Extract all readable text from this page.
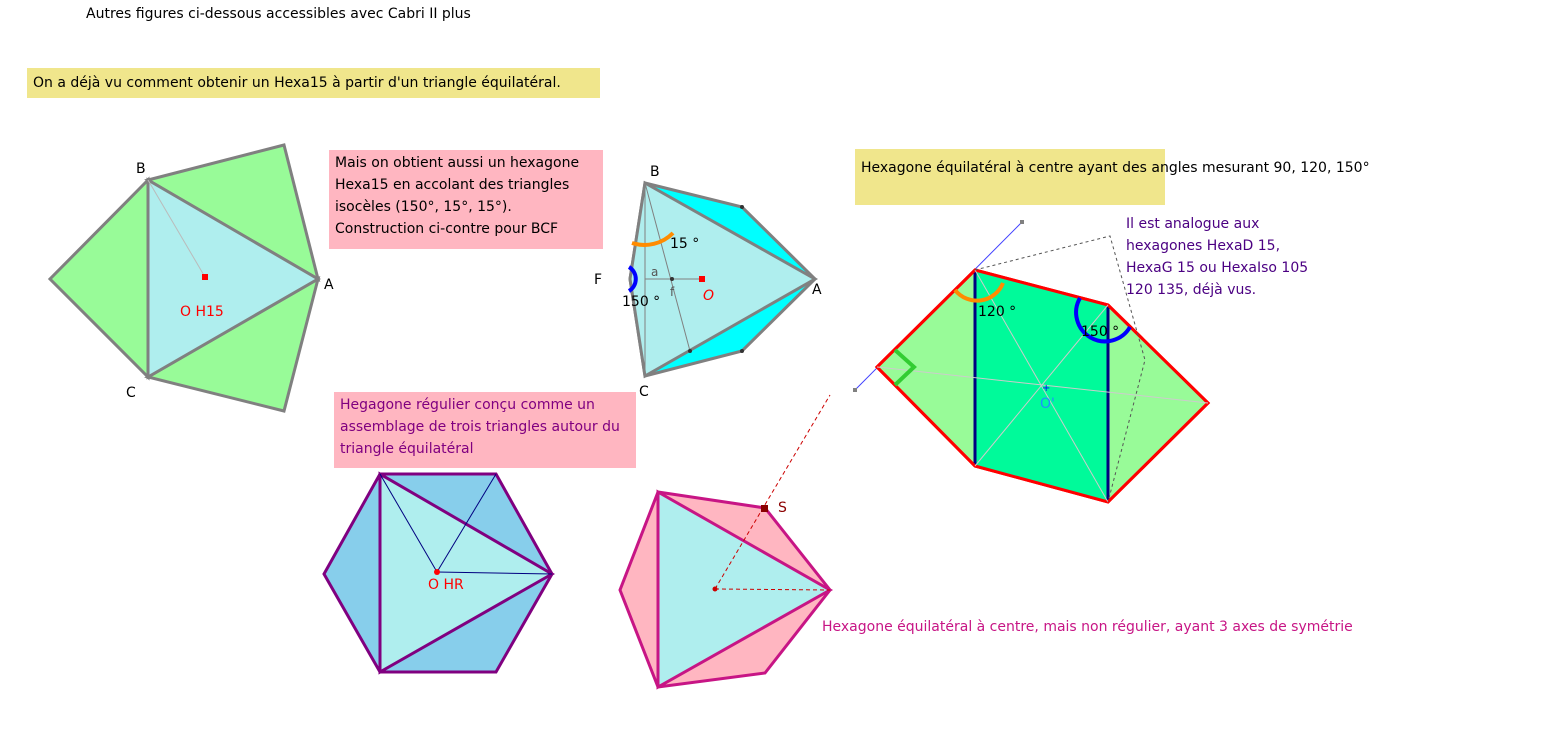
Autres figures ci-dessous accessibles avec Cabri II plus
On a déjà vu comment obtenir un Hexa15 à partir d'un triangle équilatéral.
Mais on obtient aussi un hexagone
Hexa15 en accolant des triangles
isocèles (150°, 15°, 15°).
Construction ci-contre pour BCF
Hexagone équilatéral à centre ayant des angles mesurant 90, 120, 150°
Il est analogue aux
hexagones HexaD 15,
HexaG 15 ou HexaIso 105
120 135, déjà vus.
Hegagone régulier conçu comme un
assemblage de trois triangles autour du
triangle équilatéral
Hexagone équilatéral à centre, mais non régulier, ayant 3 axes de symétrie
B
A
C
O H15
B
A
C
F	a
f O
15 °
150 °
+
120 °
150 °
O'
O HR
S
